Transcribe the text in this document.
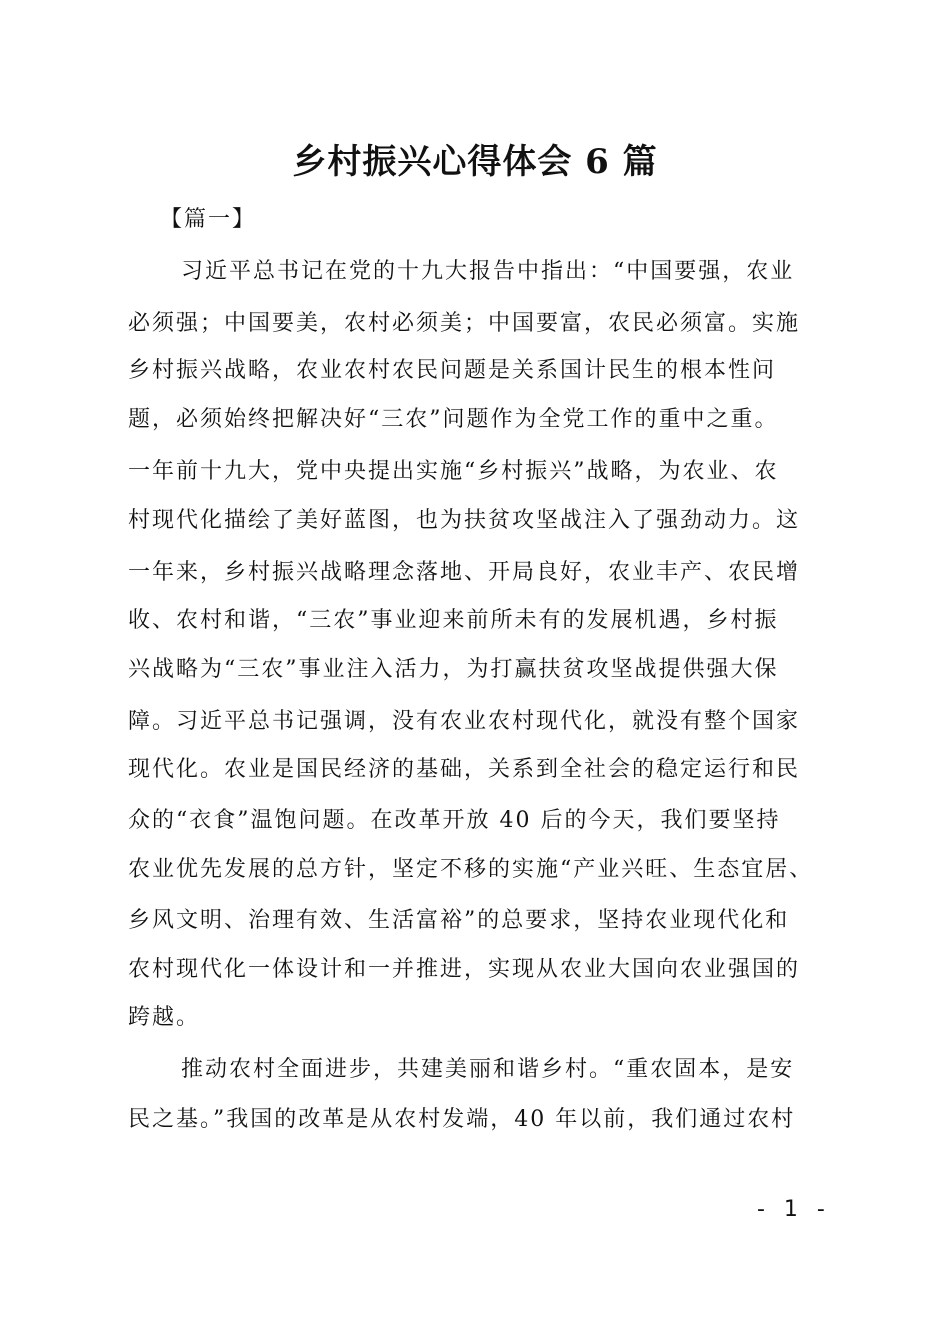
乡村振兴心得体会 6 篇
【篇一】
习近平总书记在党的十九大报告中指出：“中国要强，农业
必须强；中国要美，农村必须美；中国要富，农民必须富。实施
乡村振兴战略，农业农村农民问题是关系国计民生的根本性问
题，必须始终把解决好“三农”问题作为全党工作的重中之重。
一年前十九大，党中央提出实施“乡村振兴”战略，为农业、农
村现代化描绘了美好蓝图，也为扶贫攻坚战注入了强劲动力。这
一年来，乡村振兴战略理念落地、开局良好，农业丰产、农民增
收、农村和谐，“三农”事业迎来前所未有的发展机遇，乡村振
兴战略为“三农”事业注入活力，为打赢扶贫攻坚战提供强大保
障。习近平总书记强调，没有农业农村现代化，就没有整个国家
现代化。农业是国民经济的基础，关系到全社会的稳定运行和民
众的“衣食”温饱问题。在改革开放 40 后的今天，我们要坚持
农业优先发展的总方针，坚定不移的实施“产业兴旺、生态宜居、
乡风文明、治理有效、生活富裕”的总要求，坚持农业现代化和
农村现代化一体设计和一并推进，实现从农业大国向农业强国的
跨越。
推动农村全面进步，共建美丽和谐乡村。“重农固本，是安
民之基。”我国的改革是从农村发端，40 年以前，我们通过农村
- 1 -
